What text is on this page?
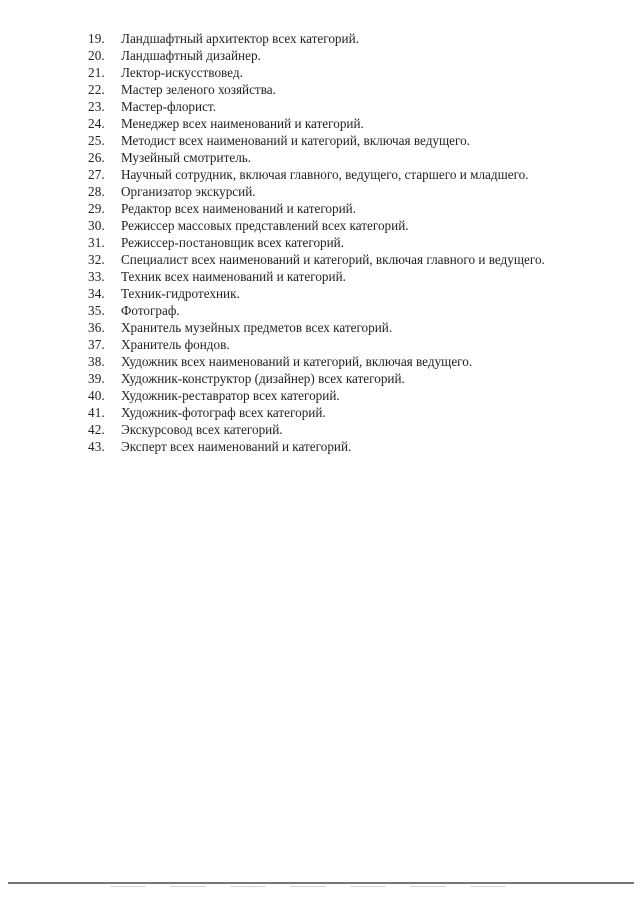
19.	Ландшафтный архитектор всех категорий.
20.	Ландшафтный дизайнер.
21.	Лектор-искусствовед.
22.	Мастер зеленого хозяйства.
23.	Мастер-флорист.
24.	Менеджер всех наименований и категорий.
25.	Методист всех наименований и категорий, включая ведущего.
26.	Музейный смотритель.
27.	Научный сотрудник, включая главного, ведущего, старшего и младшего.
28.	Организатор экскурсий.
29.	Редактор всех наименований и категорий.
30.	Режиссер массовых представлений всех категорий.
31.	Режиссер-постановщик всех категорий.
32.	Специалист всех наименований и категорий, включая главного и ведущего.
33.	Техник всех наименований и категорий.
34.	Техник-гидротехник.
35.	Фотограф.
36.	Хранитель музейных предметов всех категорий.
37.	Хранитель фондов.
38.	Художник всех наименований и категорий, включая ведущего.
39.	Художник-конструктор (дизайнер) всех категорий.
40.	Художник-реставратор всех категорий.
41.	Художник-фотограф всех категорий.
42.	Экскурсовод всех категорий.
43.	Эксперт всех наименований и категорий.
